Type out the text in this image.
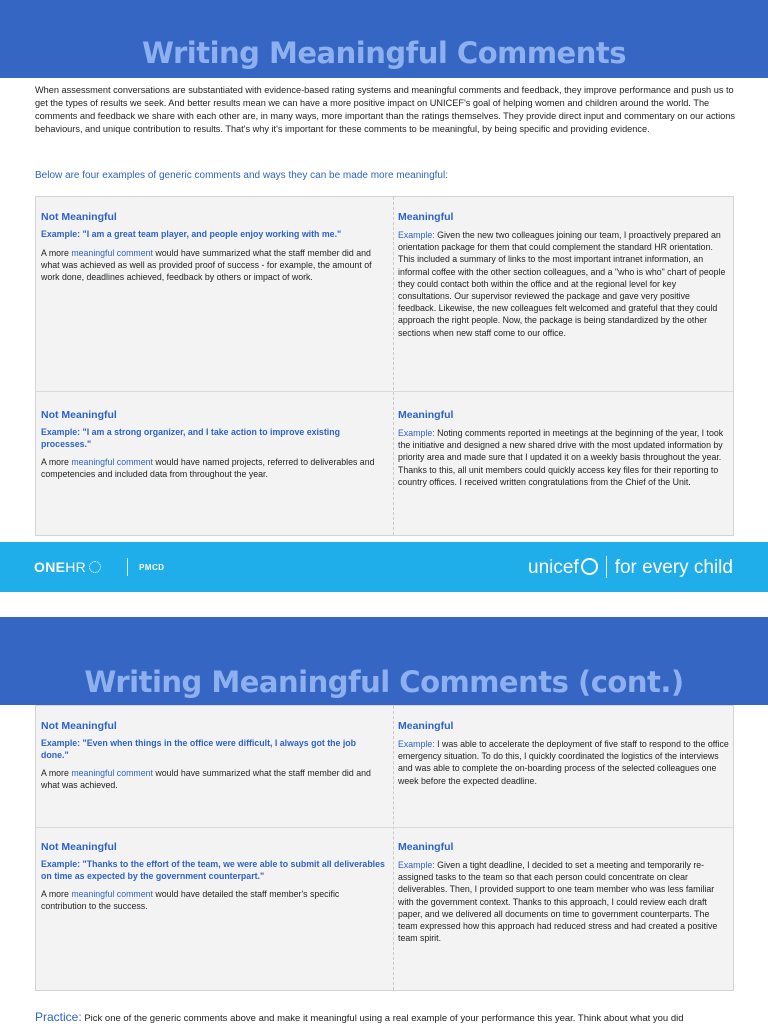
Writing Meaningful Comments
When assessment conversations are substantiated with evidence-based rating systems and meaningful comments and feedback, they improve performance and push us to get the types of results we seek. And better results mean we can have a more positive impact on UNICEF's goal of helping women and children around the world. The comments and feedback we share with each other are, in many ways, more important than the ratings themselves. They provide direct input and commentary on our actions behaviours, and unique contribution to results. That's why it's important for these comments to be meaningful, by being specific and providing evidence.
Below are four examples of generic comments and ways they can be made more meaningful:
Not Meaningful
Example: "I am a great team player, and people enjoy working with me."
A more meaningful comment would have summarized what the staff member did and what was achieved as well as provided proof of success - for example, the amount of work done, deadlines achieved, feedback by others or impact of work.
Meaningful
Example: Given the new two colleagues joining our team, I proactively prepared an orientation package for them that could complement the standard HR orientation. This included a summary of links to the most important intranet information, an informal coffee with the other section colleagues, and a "who is who" chart of people they could contact both within the office and at the regional level for key consultations. Our supervisor reviewed the package and gave very positive feedback. Likewise, the new colleagues felt welcomed and grateful that they could approach the right people. Now, the package is being standardized by the other sections when new staff come to our office.
Not Meaningful
Example: "I am a strong organizer, and I take action to improve existing processes."
A more meaningful comment would have named projects, referred to deliverables and competencies and included data from throughout the year.
Meaningful
Example: Noting comments reported in meetings at the beginning of the year, I took the initiative and designed a new shared drive with the most updated information by priority area and made sure that I updated it on a weekly basis throughout the year. Thanks to this, all unit members could quickly access key files for their reporting to country offices. I received written congratulations from the Chief of the Unit.
ONEHR	PMCD	unicef for every child
Writing Meaningful Comments (cont.)
Not Meaningful
Example: "Even when things in the office were difficult, I always got the job done."
A more meaningful comment would have summarized what the staff member did and what was achieved.
Meaningful
Example: I was able to accelerate the deployment of five staff to respond to the office emergency situation. To do this, I quickly coordinated the logistics of the interviews and was able to complete the on-boarding process of the selected colleagues one week before the expected deadline.
Not Meaningful
Example: "Thanks to the effort of the team, we were able to submit all deliverables on time as expected by the government counterpart."
A more meaningful comment would have detailed the staff member's specific contribution to the success.
Meaningful
Example: Given a tight deadline, I decided to set a meeting and temporarily re-assigned tasks to the team so that each person could concentrate on clear deliverables. Then, I provided support to one team member who was less familiar with the government context. Thanks to this approach, I could review each draft paper, and we delivered all documents on time to government counterparts. The team expressed how this approach had reduced stress and had created a positive team spirit.
Practice: Pick one of the generic comments above and make it meaningful using a real example of your performance this year. Think about what you did
